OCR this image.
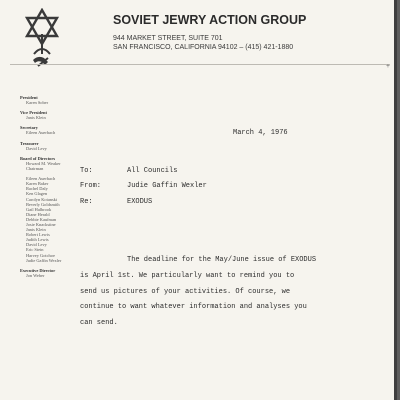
SOVIET JEWRY ACTION GROUP
944 MARKET STREET, SUITE 701
SAN FRANCISCO, CALIFORNIA 94102 – (415) 421-1880
+
President
Karen Sober
Vice President
Janis Klein
Secretary
Eileen Auerbach
Treasurer
David Levy
Board of Directors
Howard M. Weaker
Chairman

Eileen Auerbach
Karen Baker
Rachel Daly
Ken Glagen
Carolyn Kotanski
Beverly Goldsmith
Gail Halbrook
Diane Herald
Debbie Kaufman
Josie Knackstine
Janis Klein
Robert Lewis
Judith Lewis
David Levy
Eric Stein
Harvey Gotchoe
Judie Gaffin Wexler
Executive Director
Jon Weber
March 4, 1976
To:	All Councils
From:	Judie Gaffin Wexler
Re:	EXODUS
The deadline for the May/June issue of EXODUS
is April 1st. We particularly want to remind you to
send us pictures of your activities. Of course, we
continue to want whatever information and analyses you
can send.
